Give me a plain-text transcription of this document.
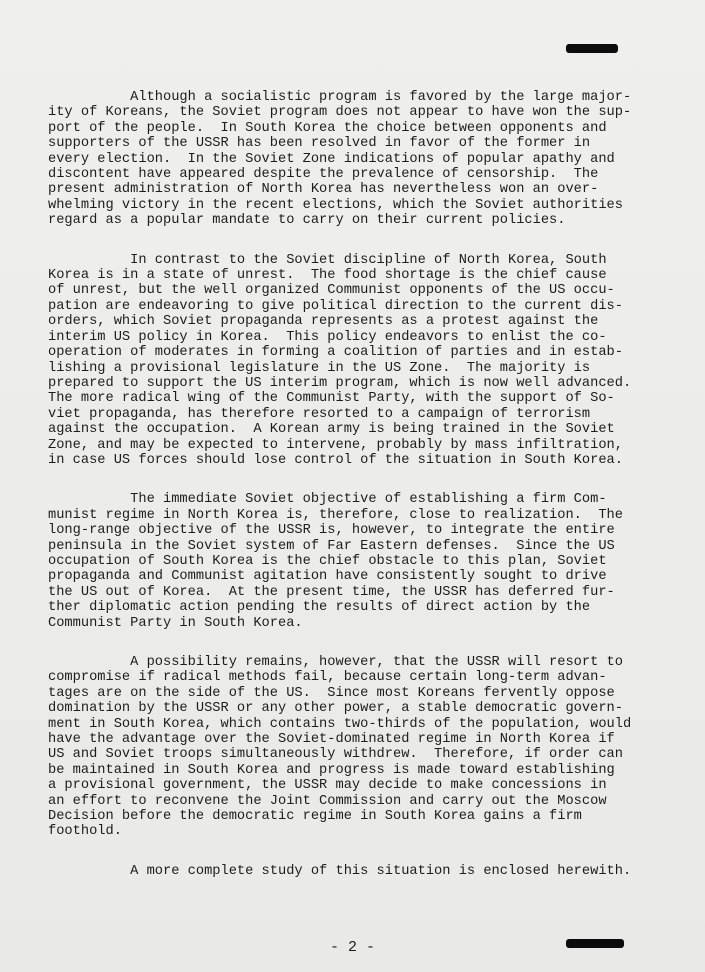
Although a socialistic program is favored by the large major-
ity of Koreans, the Soviet program does not appear to have won the sup-
port of the people.  In South Korea the choice between opponents and
supporters of the USSR has been resolved in favor of the former in
every election.  In the Soviet Zone indications of popular apathy and
discontent have appeared despite the prevalence of censorship.  The
present administration of North Korea has nevertheless won an over-
whelming victory in the recent elections, which the Soviet authorities
regard as a popular mandate to carry on their current policies.

In contrast to the Soviet discipline of North Korea, South
Korea is in a state of unrest.  The food shortage is the chief cause
of unrest, but the well organized Communist opponents of the US occu-
pation are endeavoring to give political direction to the current dis-
orders, which Soviet propaganda represents as a protest against the
interim US policy in Korea.  This policy endeavors to enlist the co-
operation of moderates in forming a coalition of parties and in estab-
lishing a provisional legislature in the US Zone.  The majority is
prepared to support the US interim program, which is now well advanced.
The more radical wing of the Communist Party, with the support of So-
viet propaganda, has therefore resorted to a campaign of terrorism
against the occupation.  A Korean army is being trained in the Soviet
Zone, and may be expected to intervene, probably by mass infiltration,
in case US forces should lose control of the situation in South Korea.

The immediate Soviet objective of establishing a firm Com-
munist regime in North Korea is, therefore, close to realization.  The
long-range objective of the USSR is, however, to integrate the entire
peninsula in the Soviet system of Far Eastern defenses.  Since the US
occupation of South Korea is the chief obstacle to this plan, Soviet
propaganda and Communist agitation have consistently sought to drive
the US out of Korea.  At the present time, the USSR has deferred fur-
ther diplomatic action pending the results of direct action by the
Communist Party in South Korea.

A possibility remains, however, that the USSR will resort to
compromise if radical methods fail, because certain long-term advan-
tages are on the side of the US.  Since most Koreans fervently oppose
domination by the USSR or any other power, a stable democratic govern-
ment in South Korea, which contains two-thirds of the population, would
have the advantage over the Soviet-dominated regime in North Korea if
US and Soviet troops simultaneously withdrew.  Therefore, if order can
be maintained in South Korea and progress is made toward establishing
a provisional government, the USSR may decide to make concessions in
an effort to reconvene the Joint Commission and carry out the Moscow
Decision before the democratic regime in South Korea gains a firm
foothold.

A more complete study of this situation is enclosed herewith.

- 2 -
